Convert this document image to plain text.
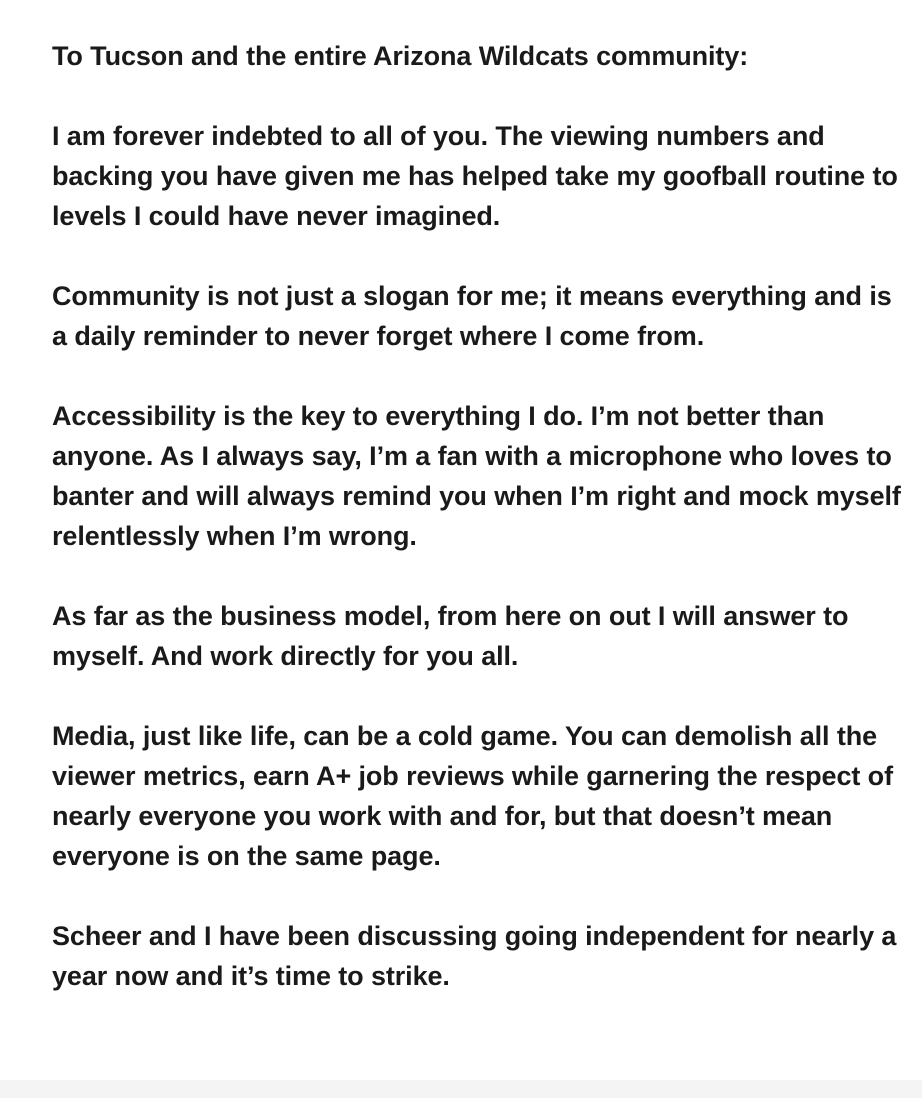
To Tucson and the entire Arizona Wildcats community:

I am forever indebted to all of you. The viewing numbers and backing you have given me has helped take my goofball routine to levels I could have never imagined.

Community is not just a slogan for me; it means everything and is a daily reminder to never forget where I come from.

Accessibility is the key to everything I do. I’m not better than anyone. As I always say, I’m a fan with a microphone who loves to banter and will always remind you when I’m right and mock myself relentlessly when I’m wrong.

As far as the business model, from here on out I will answer to myself. And work directly for you all.

Media, just like life, can be a cold game. You can demolish all the viewer metrics, earn A+ job reviews while garnering the respect of nearly everyone you work with and for, but that doesn’t mean everyone is on the same page.

Scheer and I have been discussing going independent for nearly a year now and it’s time to strike.
